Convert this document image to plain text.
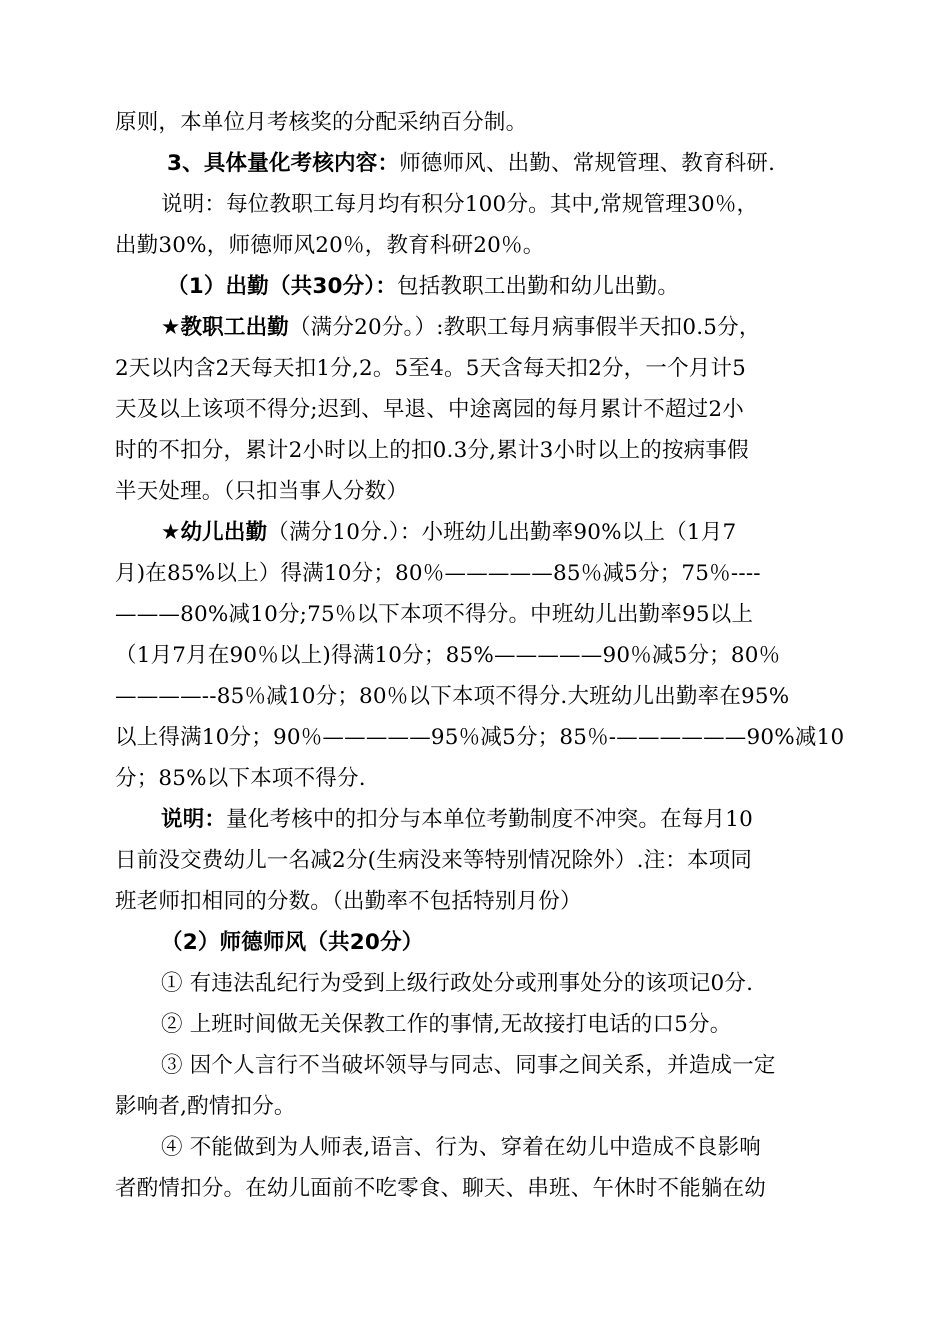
原则，本单位月考核奖的分配采纳百分制。
3、具体量化考核内容：师德师风、出勤、常规管理、教育科研.
说明：每位教职工每月均有积分100分。其中,常规管理30％，
出勤30%，师德师风20％，教育科研20％。
（1）出勤（共30分）：包括教职工出勤和幼儿出勤。
★教职工出勤（满分20分。）:教职工每月病事假半天扣0.5分，
2天以内含2天每天扣1分,2。5至4。5天含每天扣2分，一个月计5
天及以上该项不得分;迟到、早退、中途离园的每月累计不超过2小
时的不扣分，累计2小时以上的扣0.3分,累计3小时以上的按病事假
半天处理。（只扣当事人分数）
★幼儿出勤（满分10分.）：小班幼儿出勤率90%以上（1月7
月)在85%以上）得满10分；80％—————85％减5分；75％----
———80%减10分;75％以下本项不得分。中班幼儿出勤率95以上
（1月7月在90％以上)得满10分；85%—————90％减5分；80％
————--85％减10分；80％以下本项不得分.大班幼儿出勤率在95%
以上得满10分；90％—————95％减5分；85％-——————90%减10
分；85%以下本项不得分.
说明：量化考核中的扣分与本单位考勤制度不冲突。在每月10
日前没交费幼儿一名减2分(生病没来等特别情况除外）.注：本项同
班老师扣相同的分数。（出勤率不包括特别月份）
（2）师德师风（共20分）
① 有违法乱纪行为受到上级行政处分或刑事处分的该项记0分.
② 上班时间做无关保教工作的事情,无故接打电话的口5分。
③ 因个人言行不当破坏领导与同志、同事之间关系，并造成一定
影响者,酌情扣分。
④ 不能做到为人师表,语言、行为、穿着在幼儿中造成不良影响
者酌情扣分。在幼儿面前不吃零食、聊天、串班、午休时不能躺在幼
